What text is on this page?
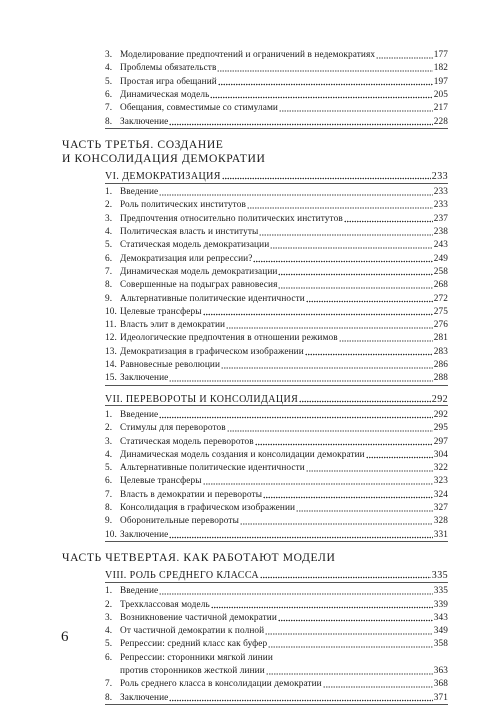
3. Моделирование предпочтений и ограничений в недемократиях	177
4. Проблемы обязательств	182
5. Простая игра обещаний	197
6. Динамическая модель	205
7. Обещания, совместимые со стимулами	217
8. Заключение	228
ЧАСТЬ ТРЕТЬЯ. СОЗДАНИЕ
И КОНСОЛИДАЦИЯ ДЕМОКРАТИИ
VI. ДЕМОКРАТИЗАЦИЯ	233
1. Введение	233
2. Роль политических институтов	233
3. Предпочтения относительно политических институтов	237
4. Политическая власть и институты	238
5. Статическая модель демократизации	243
6. Демократизация или репрессии?	249
7. Динамическая модель демократизации	258
8. Совершенные на подыграх равновесия	268
9. Альтернативные политические идентичности	272
10. Целевые трансферы	275
11. Власть элит в демократии	276
12. Идеологические предпочтения в отношении режимов	281
13. Демократизация в графическом изображении	283
14. Равновесные революции	286
15. Заключение	288
VII. ПЕРЕВОРОТЫ И КОНСОЛИДАЦИЯ	292
1. Введение	292
2. Стимулы для переворотов	295
3. Статическая модель переворотов	297
4. Динамическая модель создания и консолидации демократии	304
5. Альтернативные политические идентичности	322
6. Целевые трансферы	323
7. Власть в демократии и перевороты	324
8. Консолидация в графическом изображении	327
9. Оборонительные перевороты	328
10. Заключение	331
ЧАСТЬ ЧЕТВЕРТАЯ. КАК РАБОТАЮТ МОДЕЛИ
VIII. РОЛЬ СРЕДНЕГО КЛАССА	335
1. Введение	335
2. Трехклассовая модель	339
3. Возникновение частичной демократии	343
4. От частичной демократии к полной	349
5. Репрессии: средний класс как буфер	358
6. Репрессии: сторонники мягкой линии
против сторонников жесткой линии	363
7. Роль среднего класса в консолидации демократии	368
8. Заключение	371
6
